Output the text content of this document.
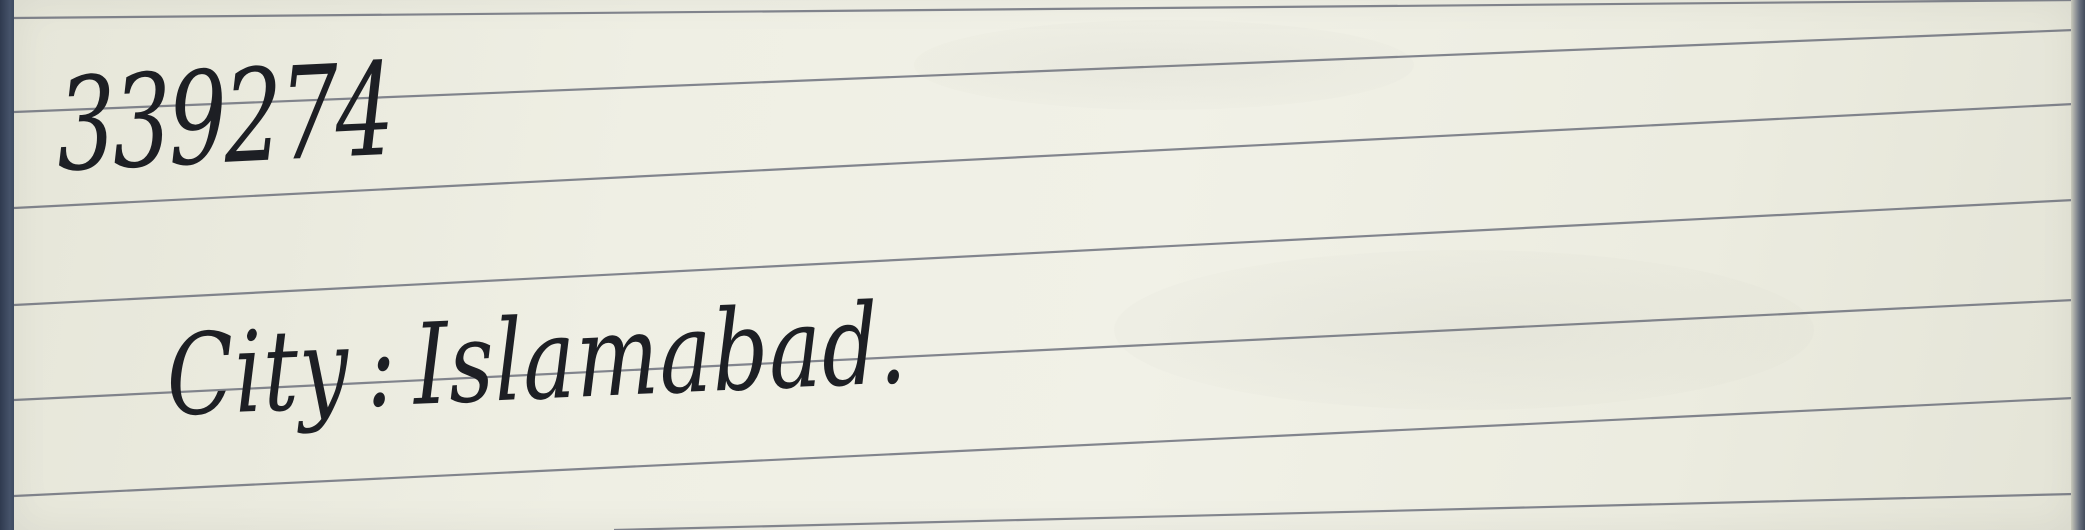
339274
City : Islamabad.
